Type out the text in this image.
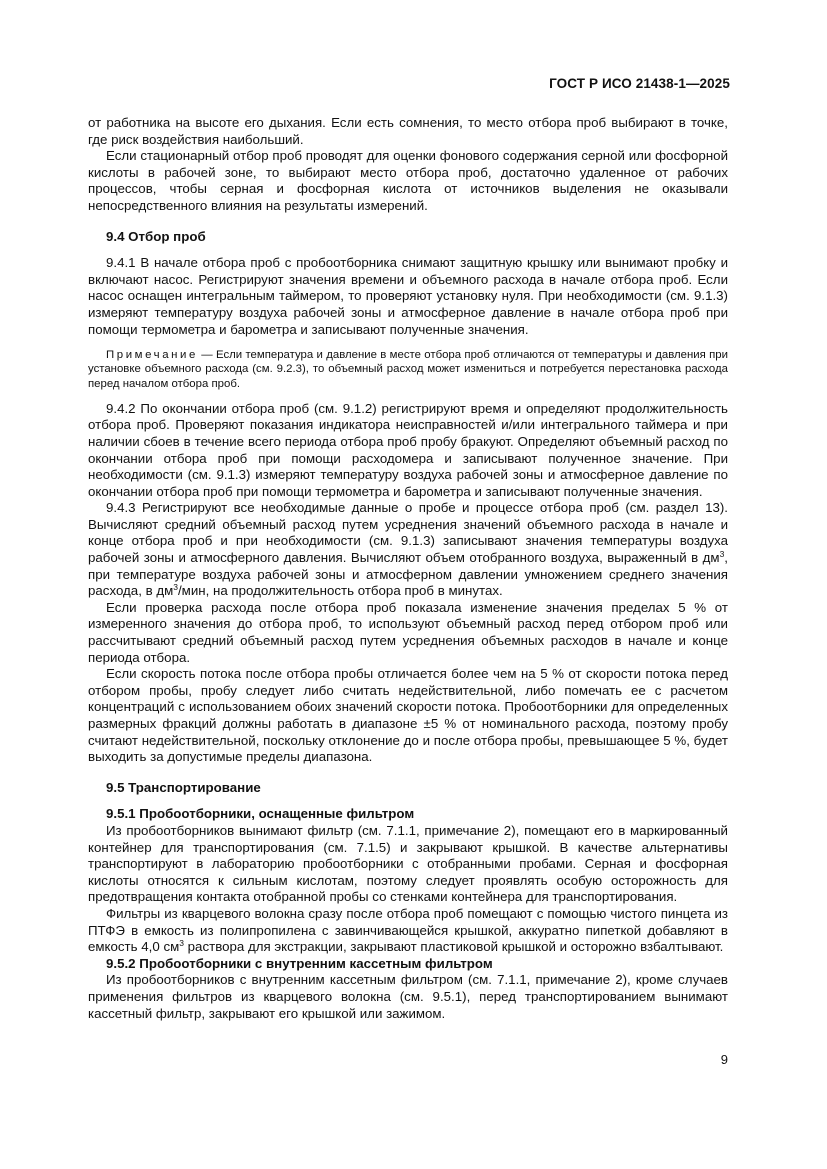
ГОСТ Р ИСО 21438-1—2025

от работника на высоте его дыхания. Если есть сомнения, то место отбора проб выбирают в точке, где риск воздействия наибольший.

Если стационарный отбор проб проводят для оценки фонового содержания серной или фосфорной кислоты в рабочей зоне, то выбирают место отбора проб, достаточно удаленное от рабочих процессов, чтобы серная и фосфорная кислота от источников выделения не оказывали непосредственного влияния на результаты измерений.

9.4 Отбор проб

9.4.1 В начале отбора проб с пробоотборника снимают защитную крышку или вынимают пробку и включают насос. Регистрируют значения времени и объемного расхода в начале отбора проб. Если насос оснащен интегральным таймером, то проверяют установку нуля. При необходимости (см. 9.1.3) измеряют температуру воздуха рабочей зоны и атмосферное давление в начале отбора проб при помощи термометра и барометра и записывают полученные значения.

Примечание — Если температура и давление в месте отбора проб отличаются от температуры и давления при установке объемного расхода (см. 9.2.3), то объемный расход может измениться и потребуется перестановка расхода перед началом отбора проб.

9.4.2 По окончании отбора проб (см. 9.1.2) регистрируют время и определяют продолжительность отбора проб. Проверяют показания индикатора неисправностей и/или интегрального таймера и при наличии сбоев в течение всего периода отбора проб пробу бракуют. Определяют объемный расход по окончании отбора проб при помощи расходомера и записывают полученное значение. При необходимости (см. 9.1.3) измеряют температуру воздуха рабочей зоны и атмосферное давление по окончании отбора проб при помощи термометра и барометра и записывают полученные значения.

9.4.3 Регистрируют все необходимые данные о пробе и процессе отбора проб (см. раздел 13). Вычисляют средний объемный расход путем усреднения значений объемного расхода в начале и конце отбора проб и при необходимости (см. 9.1.3) записывают значения температуры воздуха рабочей зоны и атмосферного давления. Вычисляют объем отобранного воздуха, выраженный в $дм^3$, при температуре воздуха рабочей зоны и атмосферном давлении умножением среднего значения расхода, в $дм^3$/мин, на продолжительность отбора проб в минутах.

Если проверка расхода после отбора проб показала изменение значения пределах 5 % от измеренного значения до отбора проб, то используют объемный расход перед отбором проб или рассчитывают средний объемный расход путем усреднения объемных расходов в начале и конце периода отбора.

Если скорость потока после отбора пробы отличается более чем на 5 % от скорости потока перед отбором пробы, пробу следует либо считать недействительной, либо помечать ее с расчетом концентраций с использованием обоих значений скорости потока. Пробоотборники для определенных размерных фракций должны работать в диапазоне ±5 % от номинального расхода, поэтому пробу считают недействительной, поскольку отклонение до и после отбора пробы, превышающее 5 %, будет выходить за допустимые пределы диапазона.

9.5 Транспортирование
9.5.1 Пробоотборники, оснащенные фильтром

Из пробоотборников вынимают фильтр (см. 7.1.1, примечание 2), помещают его в маркированный контейнер для транспортирования (см. 7.1.5) и закрывают крышкой. В качестве альтернативы транспортируют в лабораторию пробоотборники с отобранными пробами. Серная и фосфорная кислоты относятся к сильным кислотам, поэтому следует проявлять особую осторожность для предотвращения контакта отобранной пробы со стенками контейнера для транспортирования.

Фильтры из кварцевого волокна сразу после отбора проб помещают с помощью чистого пинцета из ПТФЭ в емкость из полипропилена с завинчивающейся крышкой, аккуратно пипеткой добавляют в емкость 4,0 $см^3$ раствора для экстракции, закрывают пластиковой крышкой и осторожно взбалтывают.

9.5.2 Пробоотборники с внутренним кассетным фильтром

Из пробоотборников с внутренним кассетным фильтром (см. 7.1.1, примечание 2), кроме случаев применения фильтров из кварцевого волокна (см. 9.5.1), перед транспортированием вынимают кассетный фильтр, закрывают его крышкой или зажимом.

9
